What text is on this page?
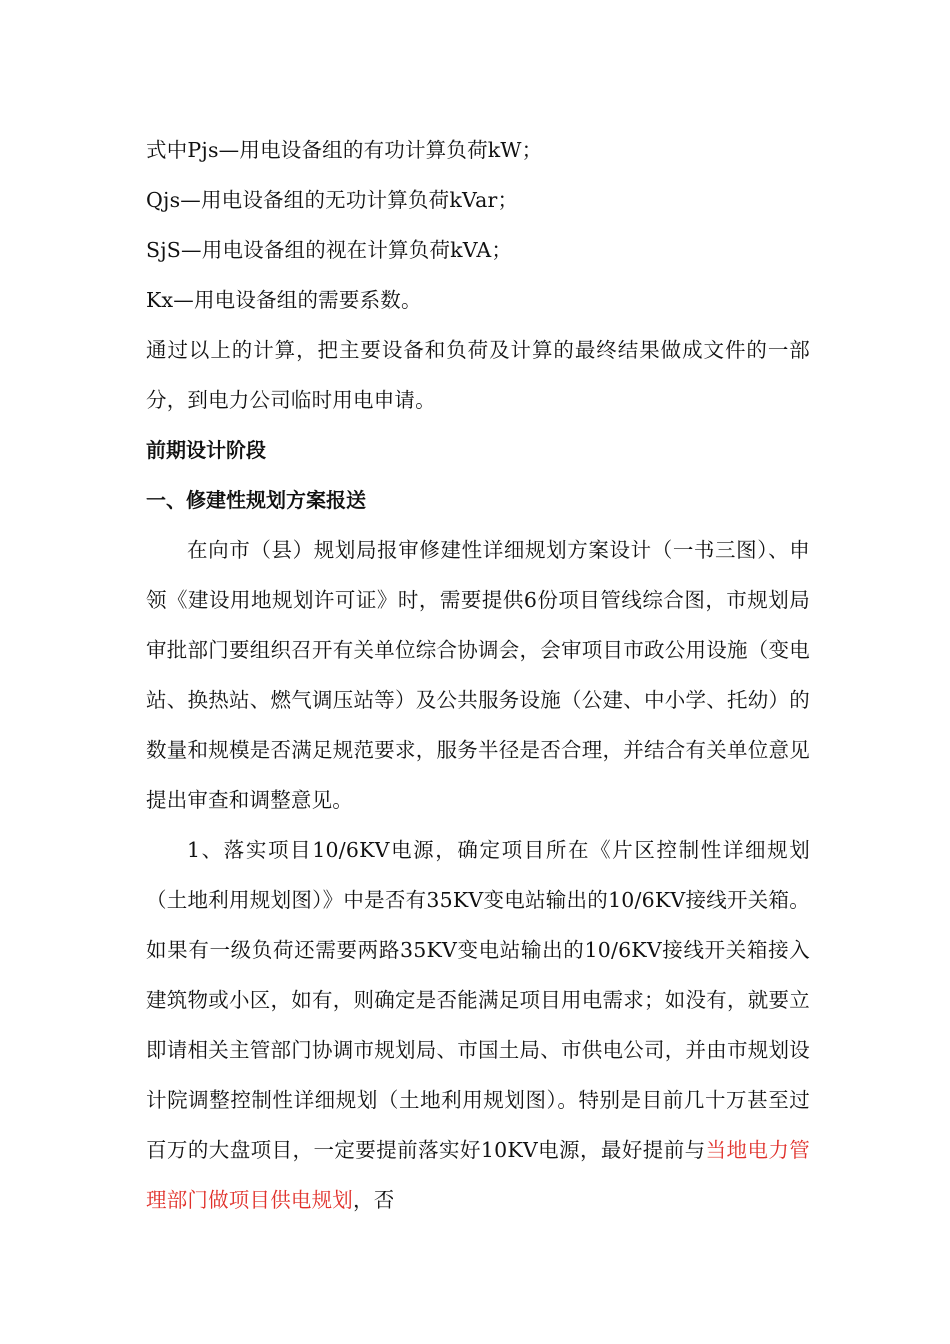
式中Pjs—用电设备组的有功计算负荷kW；

Qjs—用电设备组的无功计算负荷kVar；

SjS—用电设备组的视在计算负荷kVA；

Kx—用电设备组的需要系数。

通过以上的计算，把主要设备和负荷及计算的最终结果做成文件的一部分，到电力公司临时用电申请。

前期设计阶段
一、修建性规划方案报送

在向市（县）规划局报审修建性详细规划方案设计（一书三图）、申领《建设用地规划许可证》时，需要提供6份项目管线综合图，市规划局审批部门要组织召开有关单位综合协调会，会审项目市政公用设施（变电站、换热站、燃气调压站等）及公共服务设施（公建、中小学、托幼）的数量和规模是否满足规范要求，服务半径是否合理，并结合有关单位意见提出审查和调整意见。

1、落实项目10/6KV电源，确定项目所在《片区控制性详细规划（土地利用规划图）》中是否有35KV变电站输出的10/6KV接线开关箱。如果有一级负荷还需要两路35KV变电站输出的10/6KV接线开关箱接入建筑物或小区，如有，则确定是否能满足项目用电需求；如没有，就要立即请相关主管部门协调市规划局、市国土局、市供电公司，并由市规划设计院调整控制性详细规划（土地利用规划图）。特别是目前几十万甚至过百万的大盘项目，一定要提前落实好10KV电源，最好提前与当地电力管理部门做项目供电规划，否
